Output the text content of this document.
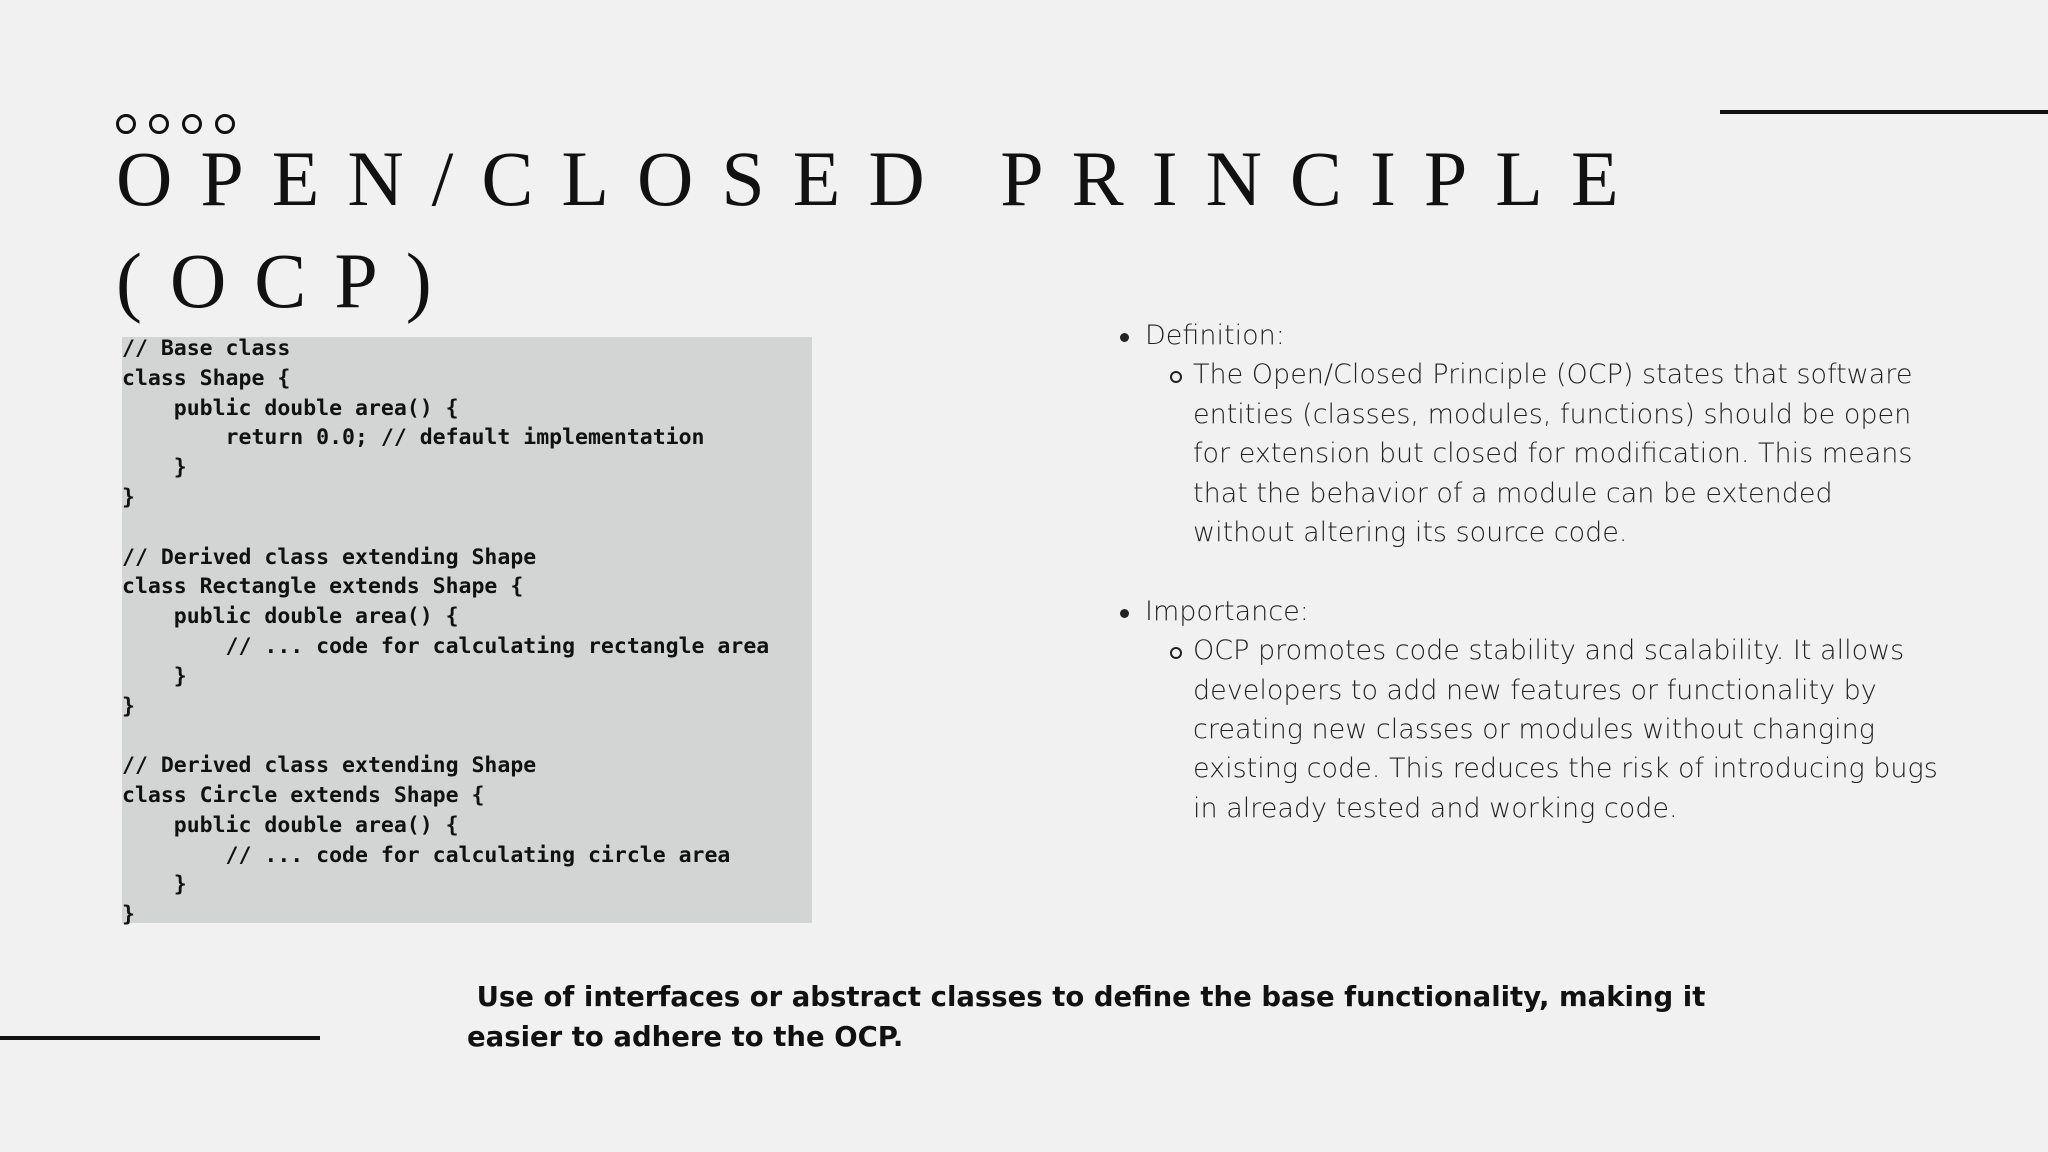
OPEN/CLOSED PRINCIPLE (OCP)
// Base class
class Shape {
public double area() {
return 0.0; // default implementation
}
}

// Derived class extending Shape
class Rectangle extends Shape {
public double area() {
// ... code for calculating rectangle area
}
}

// Derived class extending Shape
class Circle extends Shape {
public double area() {
// ... code for calculating circle area
}
}
Definition:
The Open/Closed Principle (OCP) states that software entities (classes, modules, functions) should be open for extension but closed for modification. This means that the behavior of a module can be extended without altering its source code.
Importance:
OCP promotes code stability and scalability. It allows developers to add new features or functionality by creating new classes or modules without changing existing code. This reduces the risk of introducing bugs in already tested and working code.

Use of interfaces or abstract classes to define the base functionality, making it easier to adhere to the OCP.
